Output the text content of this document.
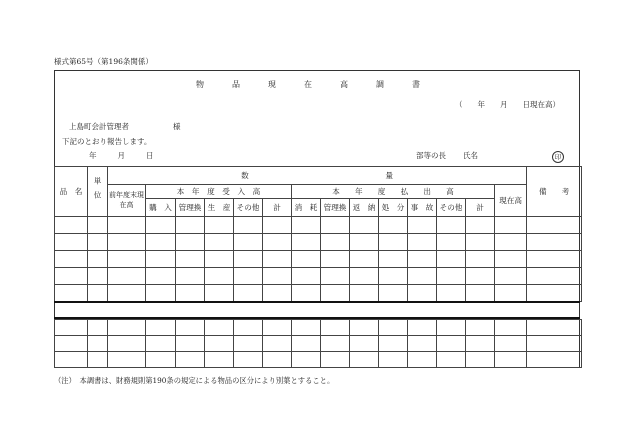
様式第65号（第196条関係）
物　品　現　在　高　調　書
（　　年　　月　　日現在高）
上島町会計管理者	様
下記のとおり報告します。
年　　月　　日	部等の長 氏名	印
品　名	単位	数　　　　　　　　　　　　　　　　　　量														備　　考
		前年度末現在高	本　年　度　受　入　高					本　　年　　度　　払　　出　　高							現在高	
			購　入	管理換	生　産	その他	計	消　耗	管理換	返　納	処　分	事　故	その他	計		

（注）　本調書は、財務規則第190条の規定による物品の区分により別葉とすること。
